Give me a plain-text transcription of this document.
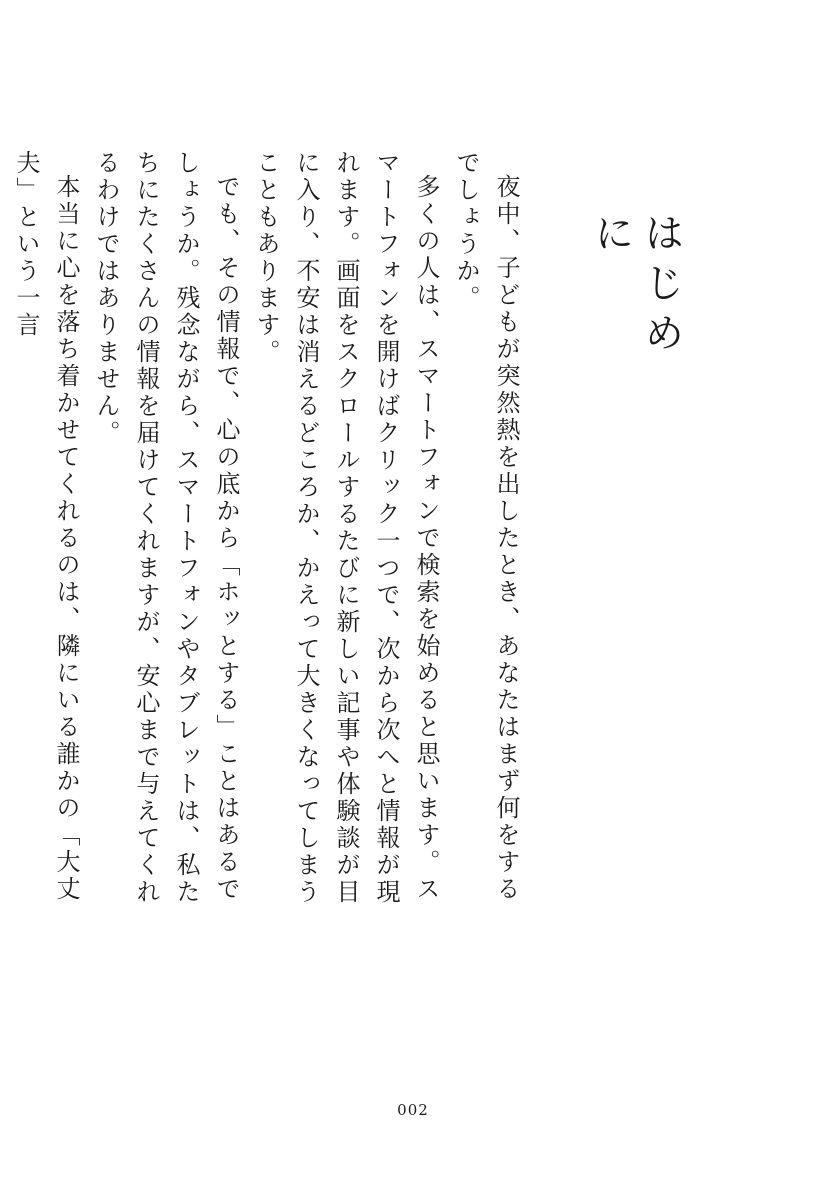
はじめに

夜中、子どもが突然熱を出したとき、あなたはまず何をするでしょうか。

多くの人は、スマートフォンで検索を始めると思います。スマートフォンを開けばクリック一つで、次から次へと情報が現れます。画面をスクロールするたびに新しい記事や体験談が目に入り、不安は消えるどころか、かえって大きくなってしまうこともあります。

でも、その情報で、心の底から「ホッとする」ことはあるでしょうか。残念ながら、スマートフォンやタブレットは、私たちにたくさんの情報を届けてくれますが、安心まで与えてくれるわけではありません。

本当に心を落ち着かせてくれるのは、隣にいる誰かの「大丈夫」という一言

002
